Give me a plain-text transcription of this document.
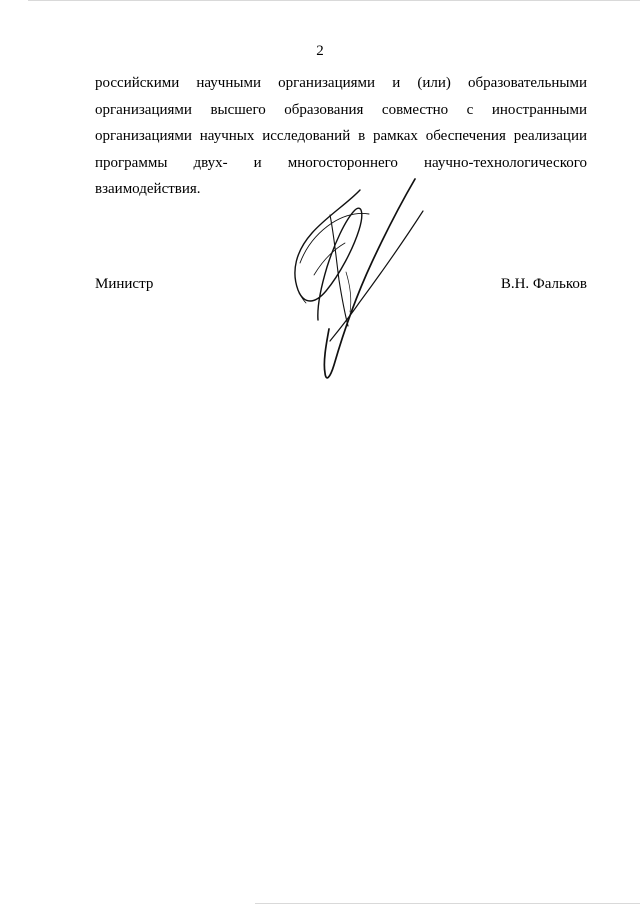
2
российскими научными организациями и (или) образовательными
организациями высшего образования совместно с иностранными
организациями научных исследований в рамках обеспечения реализации
программы двух- и многостороннего научно-технологического
взаимодействия.
Министр	В.Н. Фальков
